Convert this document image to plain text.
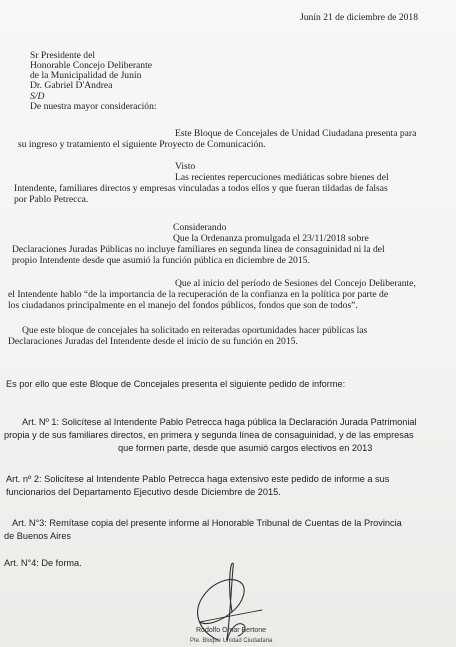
Junín 21 de diciembre de 2018
Sr Presidente del
Honorable Concejo Deliberante
de la Municipalidad de Junín
Dr. Gabriel D'Andrea
S/D
De nuestra mayor consideración:
Este Bloque de Concejales de Unidad Ciudadana presenta para
su ingreso y tratamiento el siguiente Proyecto de Comunicación.
Visto
Las recientes repercuciones mediáticas sobre bienes del
Intendente, familiares directos y empresas vinculadas a todos ellos y que fueran tildadas de falsas
por Pablo Petrecca.
Considerando
Que la Ordenanza promulgada el 23/11/2018 sobre
Declaraciones Juradas Públicas no incluye familiares en segunda línea de consaguinidad ni la del
propio Intendente desde que asumió la función pública en diciembre de 2015.
Que al inicio del período de Sesiones del Concejo Deliberante,
el Intendente hablo “de la importancia de la recuperación de la confianza en la política por parte de
los ciudadanos principalmente en el manejo del fondos públicos, fondos que son de todos”.
Que este bloque de concejales ha solicitado en reiteradas oportunidades hacer públicas las
Declaraciones Juradas del Intendente desde el inicio de su función en 2015.
Es por ello que este Bloque de Concejales presenta el siguiente pedido de informe:
Art. Nº 1: Solicítese al Intendente Pablo Petrecca haga pública la Declaración Jurada Patrimonial
propia y de sus familiares directos, en primera y segunda línea de consaguinidad, y de las empresas
que formen parte, desde que asumió cargos electivos en 2013
Art. nº 2: Solicítese al Intendente Pablo Petrecca haga extensivo este pedido de informe a sus
funcionarios del Departamento Ejecutivo desde Diciembre de 2015.
Art. N°3: Remítase copia del presente informe al Honorable Tribunal de Cuentas de la Provincia
de Buenos Aires
Art. N°4: De forma.
Rodolfo Omar Bertone
Pte. Bloque Unidad Ciudadana
